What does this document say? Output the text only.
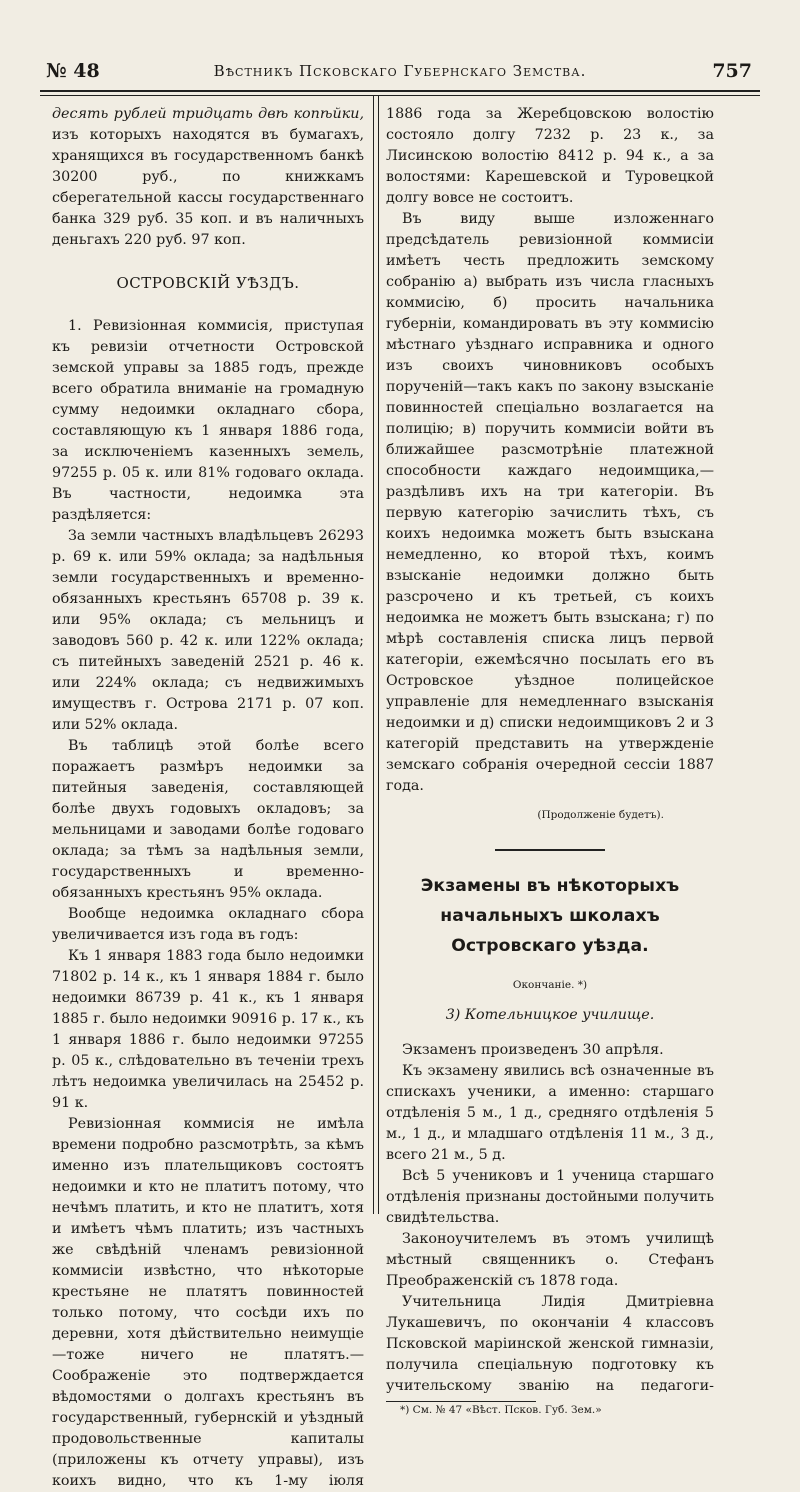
№ 48	Вѣстникъ Псковскаго Губернскаго Земства.	757

десять рублей тридцать двѣ копѣйки, изъ которыхъ находятся въ бумагахъ, хранящихся въ государственномъ банкѣ 30200 руб., по книжкамъ сберегательной кассы государственнаго банка 329 руб. 35 коп. и въ наличныхъ деньгахъ 220 руб. 97 коп.

ОСТРОВСКІЙ УѢЗДЪ.

1. Ревизіонная коммисія, приступая къ ревизіи отчетности Островской земской управы за 1885 годъ, прежде всего обратила вниманіе на громадную сумму недоимки окладнаго сбора, составляющую къ 1 января 1886 года, за исключеніемъ казенныхъ земель, 97255 р. 05 к. или 81% годоваго оклада. Въ частности, недоимка эта раздѣляется:

За земли частныхъ владѣльцевъ 26293 р. 69 к. или 59% оклада; за надѣльныя земли государственныхъ и временно-обязанныхъ крестьянъ 65708 р. 39 к. или 95% оклада; съ мельницъ и заводовъ 560 р. 42 к. или 122% оклада; съ питейныхъ заведеній 2521 р. 46 к. или 224% оклада; съ недвижимыхъ имуществъ г. Острова 2171 р. 07 коп. или 52% оклада.

Въ таблицѣ этой болѣе всего поражаетъ размѣръ недоимки за питейныя заведенія, составляющей болѣе двухъ годовыхъ окладовъ; за мельницами и заводами болѣе годоваго оклада; за тѣмъ за надѣльныя земли, государственныхъ и временно-обязанныхъ крестьянъ 95% оклада.

Вообще недоимка окладнаго сбора увеличивается изъ года въ годъ:

Къ 1 января 1883 года было недоимки 71802 р. 14 к., къ 1 января 1884 г. было недоимки 86739 р. 41 к., къ 1 января 1885 г. было недоимки 90916 р. 17 к., къ 1 января 1886 г. было недоимки 97255 р. 05 к., слѣдовательно въ теченіи трехъ лѣтъ недоимка увеличилась на 25452 р. 91 к.

Ревизіонная коммисія не имѣла времени подробно разсмотрѣть, за кѣмъ именно изъ плательщиковъ состоятъ недоимки и кто не платитъ потому, что нечѣмъ платить, и кто не платитъ, хотя и имѣетъ чѣмъ платить; изъ частныхъ же свѣдѣній членамъ ревизіонной коммисіи извѣстно, что нѣкоторые крестьяне не платятъ повинностей только потому, что сосѣди ихъ по деревни, хотя дѣйствительно неимущіе—тоже ничего не платятъ.—Соображеніе это подтверждается вѣдомостями о долгахъ крестьянъ въ государственный, губернскій и уѣздный продовольственные капиталы (приложены къ отчету управы), изъ коихъ видно, что къ 1-му іюля

1886 года за Жеребцовскою волостію состояло долгу 7232 р. 23 к., за Лисинскою волостію 8412 р. 94 к., а за волостями: Карешевской и Туровецкой долгу вовсе не состоитъ.

Въ виду выше изложеннаго предсѣдатель ревизіонной коммисіи имѣетъ честь предложить земскому собранію а) выбрать изъ числа гласныхъ коммисію, б) просить начальника губерніи, командировать въ эту коммисію мѣстнаго уѣзднаго исправника и одного изъ своихъ чиновниковъ особыхъ порученій—такъ какъ по закону взысканіе повинностей спеціально возлагается на полицію; в) поручить коммисіи войти въ ближайшее разсмотрѣніе платежной способности каждаго недоимщика,—раздѣливъ ихъ на три категоріи. Въ первую категорію зачислить тѣхъ, съ коихъ недоимка можетъ быть взыскана немедленно, ко второй тѣхъ, коимъ взысканіе недоимки должно быть разсрочено и къ третьей, съ коихъ недоимка не можетъ быть взыскана; г) по мѣрѣ составленія списка лицъ первой категоріи, ежемѣсячно посылать его въ Островское уѣздное полицейское управленіе для немедленнаго взысканія недоимки и д) списки недоимщиковъ 2 и 3 категорій представить на утвержденіе земскаго собранія очередной сессіи 1887 года.

(Продолженіе будетъ).
Экзамены въ нѣкоторыхъ начальныхъ школахъ Островскаго уѣзда.
Окончаніе. *)
3) Котельницкое училище.

Экзаменъ произведенъ 30 апрѣля.

Къ экзамену явились всѣ означенные въ спискахъ ученики, а именно: старшаго отдѣленія 5 м., 1 д., средняго отдѣленія 5 м., 1 д., и младшаго отдѣленія 11 м., 3 д., всего 21 м., 5 д.

Всѣ 5 учениковъ и 1 ученица старшаго отдѣленія признаны достойными получить свидѣтельства.

Законоучителемъ въ этомъ училищѣ мѣстный священникъ о. Стефанъ Преображенскій съ 1878 года.

Учительница Лидія Дмитріевна Лукашевичъ, по окончаніи 4 классовъ Псковской маріинской женской гимназіи, получила спеціальную подготовку къ учительскому званію на педагоги-

*) См. № 47 «Вѣст. Псков. Губ. Зем.»
